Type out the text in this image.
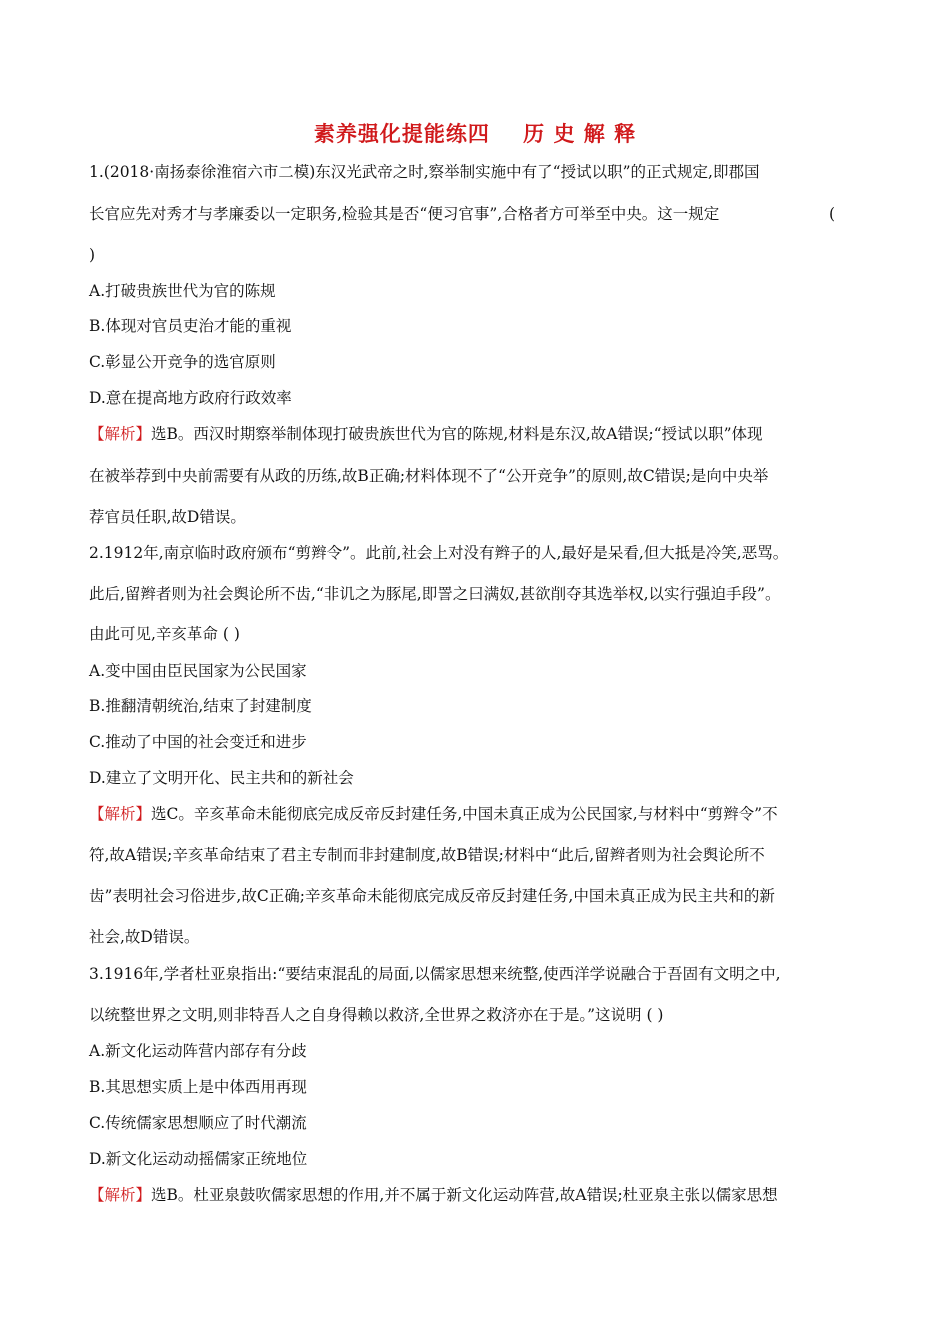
素养强化提能练四    历 史 解 释
1.(2018·南扬泰徐淮宿六市二模)东汉光武帝之时,察举制实施中有了“授试以职”的正式规定,即郡国
长官应先对秀才与孝廉委以一定职务,检验其是否“便习官事”,合格者方可举至中央。这一规定	(
)
A.打破贵族世代为官的陈规
B.体现对官员吏治才能的重视
C.彰显公开竞争的选官原则
D.意在提高地方政府行政效率
【解析】选B。西汉时期察举制体现打破贵族世代为官的陈规,材料是东汉,故A错误;“授试以职”体现
在被举荐到中央前需要有从政的历练,故B正确;材料体现不了“公开竞争”的原则,故C错误;是向中央举
荐官员任职,故D错误。
2.1912年,南京临时政府颁布“剪辫令”。此前,社会上对没有辫子的人,最好是呆看,但大抵是冷笑,恶骂。
此后,留辫者则为社会舆论所不齿,“非讥之为豚尾,即詈之曰满奴,甚欲削夺其选举权,以实行强迫手段”。
由此可见,辛亥革命 ( )
A.变中国由臣民国家为公民国家
B.推翻清朝统治,结束了封建制度
C.推动了中国的社会变迁和进步
D.建立了文明开化、民主共和的新社会
【解析】选C。辛亥革命未能彻底完成反帝反封建任务,中国未真正成为公民国家,与材料中“剪辫令”不
符,故A错误;辛亥革命结束了君主专制而非封建制度,故B错误;材料中“此后,留辫者则为社会舆论所不
齿”表明社会习俗进步,故C正确;辛亥革命未能彻底完成反帝反封建任务,中国未真正成为民主共和的新
社会,故D错误。
3.1916年,学者杜亚泉指出:“要结束混乱的局面,以儒家思想来统整,使西洋学说融合于吾固有文明之中,
以统整世界之文明,则非特吾人之自身得赖以救济,全世界之救济亦在于是。”这说明 ( )
A.新文化运动阵营内部存有分歧
B.其思想实质上是中体西用再现
C.传统儒家思想顺应了时代潮流
D.新文化运动动摇儒家正统地位
【解析】选B。杜亚泉鼓吹儒家思想的作用,并不属于新文化运动阵营,故A错误;杜亚泉主张以儒家思想
